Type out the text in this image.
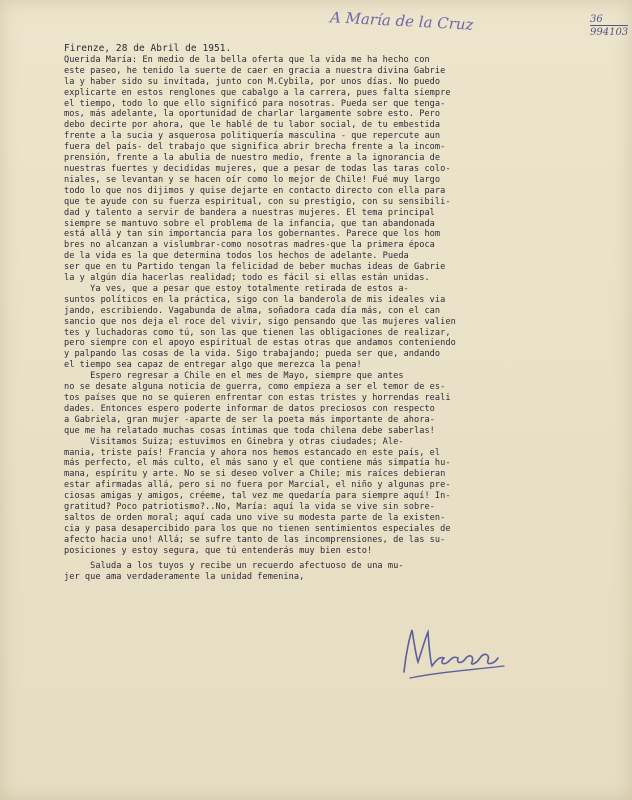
A María de la Cruz	36
994103
Firenze, 28 de Abril de 1951.
Querida María: En medio de la bella oferta que la vida me ha hecho con
este paseo, he tenido la suerte de caer en gracia a nuestra divina Gabrie
la y haber sido su invitada, junto con M.Cybila, por unos días. No puedo
explicarte en estos renglones que cabalgo a la carrera, pues falta siempre
el tiempo, todo lo que ello significó para nosotras. Pueda ser que tenga-
mos, más adelante, la oportunidad de charlar largamente sobre esto. Pero
debo decirte por ahora, que le hablé de tu labor social, de tu embestida
frente a la sucia y asquerosa politiquería masculina - que repercute aun
fuera del país- del trabajo que significa abrir brecha frente a la incom-
prensión, frente a la abulia de nuestro medio, frente a la ignorancia de
nuestras fuertes y decididas mujeres, que a pesar de todas las taras colo-
niales, se levantan y se hacen oír como lo mejor de Chile! Fué muy largo
todo lo que nos dijimos y quise dejarte en contacto directo con ella para
que te ayude con su fuerza espiritual, con su prestigio, con su sensibili-
dad y talento a servir de bandera a nuestras mujeres. El tema principal
siempre se mantuvo sobre el problema de la infancia, que tan abandonada
está allá y tan sin importancia para los gobernantes. Parece que los hom
bres no alcanzan a vislumbrar-como nosotras madres-que la primera época
de la vida es la que determina todos los hechos de adelante. Pueda
ser que en tu Partido tengan la felicidad de beber muchas ideas de Gabrie
la y algún día hacerlas realidad; todo es fácil si ellas están unidas.
Ya ves, que a pesar que estoy totalmente retirada de estos a-
suntos políticos en la práctica, sigo con la banderola de mis ideales via
jando, escribiendo. Vagabunda de alma, soñadora cada día más, con el can
sancio que nos deja el roce del vivir, sigo pensando que las mujeres valien
tes y luchadoras como tú, son las que tienen las obligaciones de realizar,
pero siempre con el apoyo espiritual de estas otras que andamos conteniendo
y palpando las cosas de la vida. Sigo trabajando; pueda ser que, andando
el tiempo sea capaz de entregar algo que merezca la pena!
Espero regresar a Chile en el mes de Mayo, siempre que antes
no se desate alguna noticia de guerra, como empieza a ser el temor de es-
tos países que no se quieren enfrentar con estas tristes y horrendas reali
dades. Entonces espero poderte informar de datos preciosos con respecto
a Gabriela, gran mujer -aparte de ser la poeta más importante de ahora-
que me ha relatado muchas cosas íntimas que toda chilena debe saberlas!
Visitamos Suiza; estuvimos en Ginebra y otras ciudades; Ale-
mania, triste país! Francia y ahora nos hemos estancado en este país, el
más perfecto, el más culto, el más sano y el que contiene más simpatía hu-
mana, espíritu y arte. No se si deseo volver a Chile; mis raíces debieran
estar afirmadas allá, pero si no fuera por Marcial, el niño y algunas pre-
ciosas amigas y amigos, créeme, tal vez me quedaría para siempre aquí! In-
gratitud? Poco patriotismo?..No, María: aquí la vida se vive sin sobre-
saltos de orden moral; aquí cada uno vive su modesta parte de la existen-
cia y pasa desapercibido para los que no tienen sentimientos especiales de
afecto hacia uno! Allá; se sufre tanto de las incomprensiones, de las su-
posiciones y estoy segura, que tú entenderás muy bien esto!
Saluda a los tuyos y recibe un recuerdo afectuoso de una mu-
jer que ama verdaderamente la unidad femenina,
